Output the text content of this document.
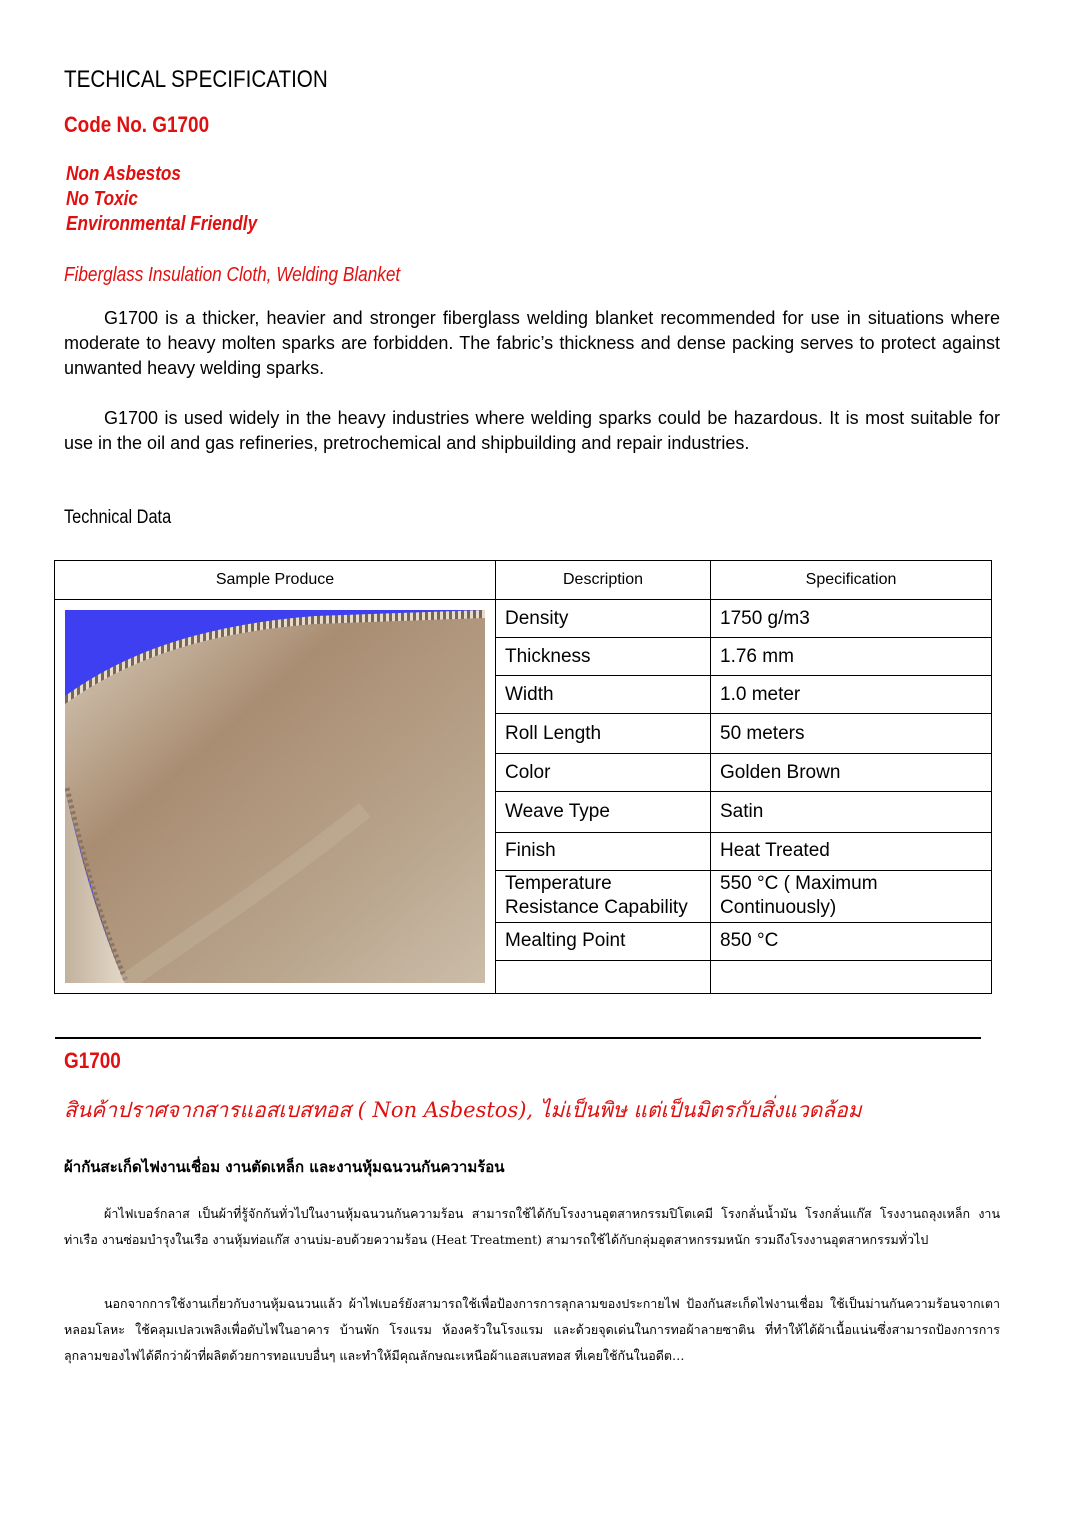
TECHICAL SPECIFICATION
Code No. G1700
Non Asbestos
No Toxic
Environmental Friendly
Fiberglass Insulation Cloth, Welding Blanket

G1700 is a thicker, heavier and stronger fiberglass welding blanket recommended for use in situations where moderate to heavy molten sparks are forbidden. The fabric’s thickness and dense packing serves to protect against unwanted heavy welding sparks.

G1700 is used widely in the heavy industries where welding sparks could be hazardous. It is most suitable for use in the oil and gas refineries, pretrochemical and shipbuilding and repair industries.

Technical Data
Sample Produce	Description	Specification

	Density	1750 g/m3
	Thickness	1.76 mm
	Width	1.0 meter
	Roll Length	50 meters
	Color	Golden Brown
	Weave Type	Satin
	Finish	Heat Treated
	Temperature Resistance Capability	550 °C ( Maximum Continuously)
	Mealting Point	850 °C

G1700
สินค้าปราศจากสารแอสเบสทอส ( Non Asbestos), ไม่เป็นพิษ แต่เป็นมิตรกับสิ่งแวดล้อม
ผ้ากันสะเก็ดไฟงานเชื่อม งานตัดเหล็ก และงานหุ้มฉนวนกันความร้อน

ผ้าไฟเบอร์กลาส เป็นผ้าที่รู้จักกันทั่วไปในงานหุ้มฉนวนกันความร้อน สามารถใช้ได้กับโรงงานอุตสาหกรรมปิโตเคมี โรงกลั่นน้ำมัน โรงกลั่นแก๊ส โรงงานถลุงเหล็ก งานท่าเรือ งานซ่อมบำรุงในเรือ งานหุ้มท่อแก๊ส งานบ่ม-อบด้วยความร้อน (Heat Treatment) สามารถใช้ได้กับกลุ่มอุตสาหกรรมหนัก รวมถึงโรงงานอุตสาหกรรมทั่วไป

นอกจากการใช้งานเกี่ยวกับงานหุ้มฉนวนแล้ว ผ้าไฟเบอร์ยังสามารถใช้เพื่อป้องการการลุกลามของประกายไฟ ป้องกันสะเก็ดไฟงานเชื่อม ใช้เป็นม่านกันความร้อนจากเตาหลอมโลหะ ใช้คลุมเปลวเพลิงเพื่อดับไฟในอาคาร บ้านพัก โรงแรม ห้องครัวในโรงแรม และด้วยจุดเด่นในการทอผ้าลายซาติน ที่ทำให้ได้ผ้าเนื้อแน่นซึ่งสามารถป้องการการลุกลามของไฟได้ดีกว่าผ้าที่ผลิตด้วยการทอแบบอื่นๆ และทำให้มีคุณลักษณะเหนือผ้าแอสเบสทอส ที่เคยใช้กันในอดีต…
